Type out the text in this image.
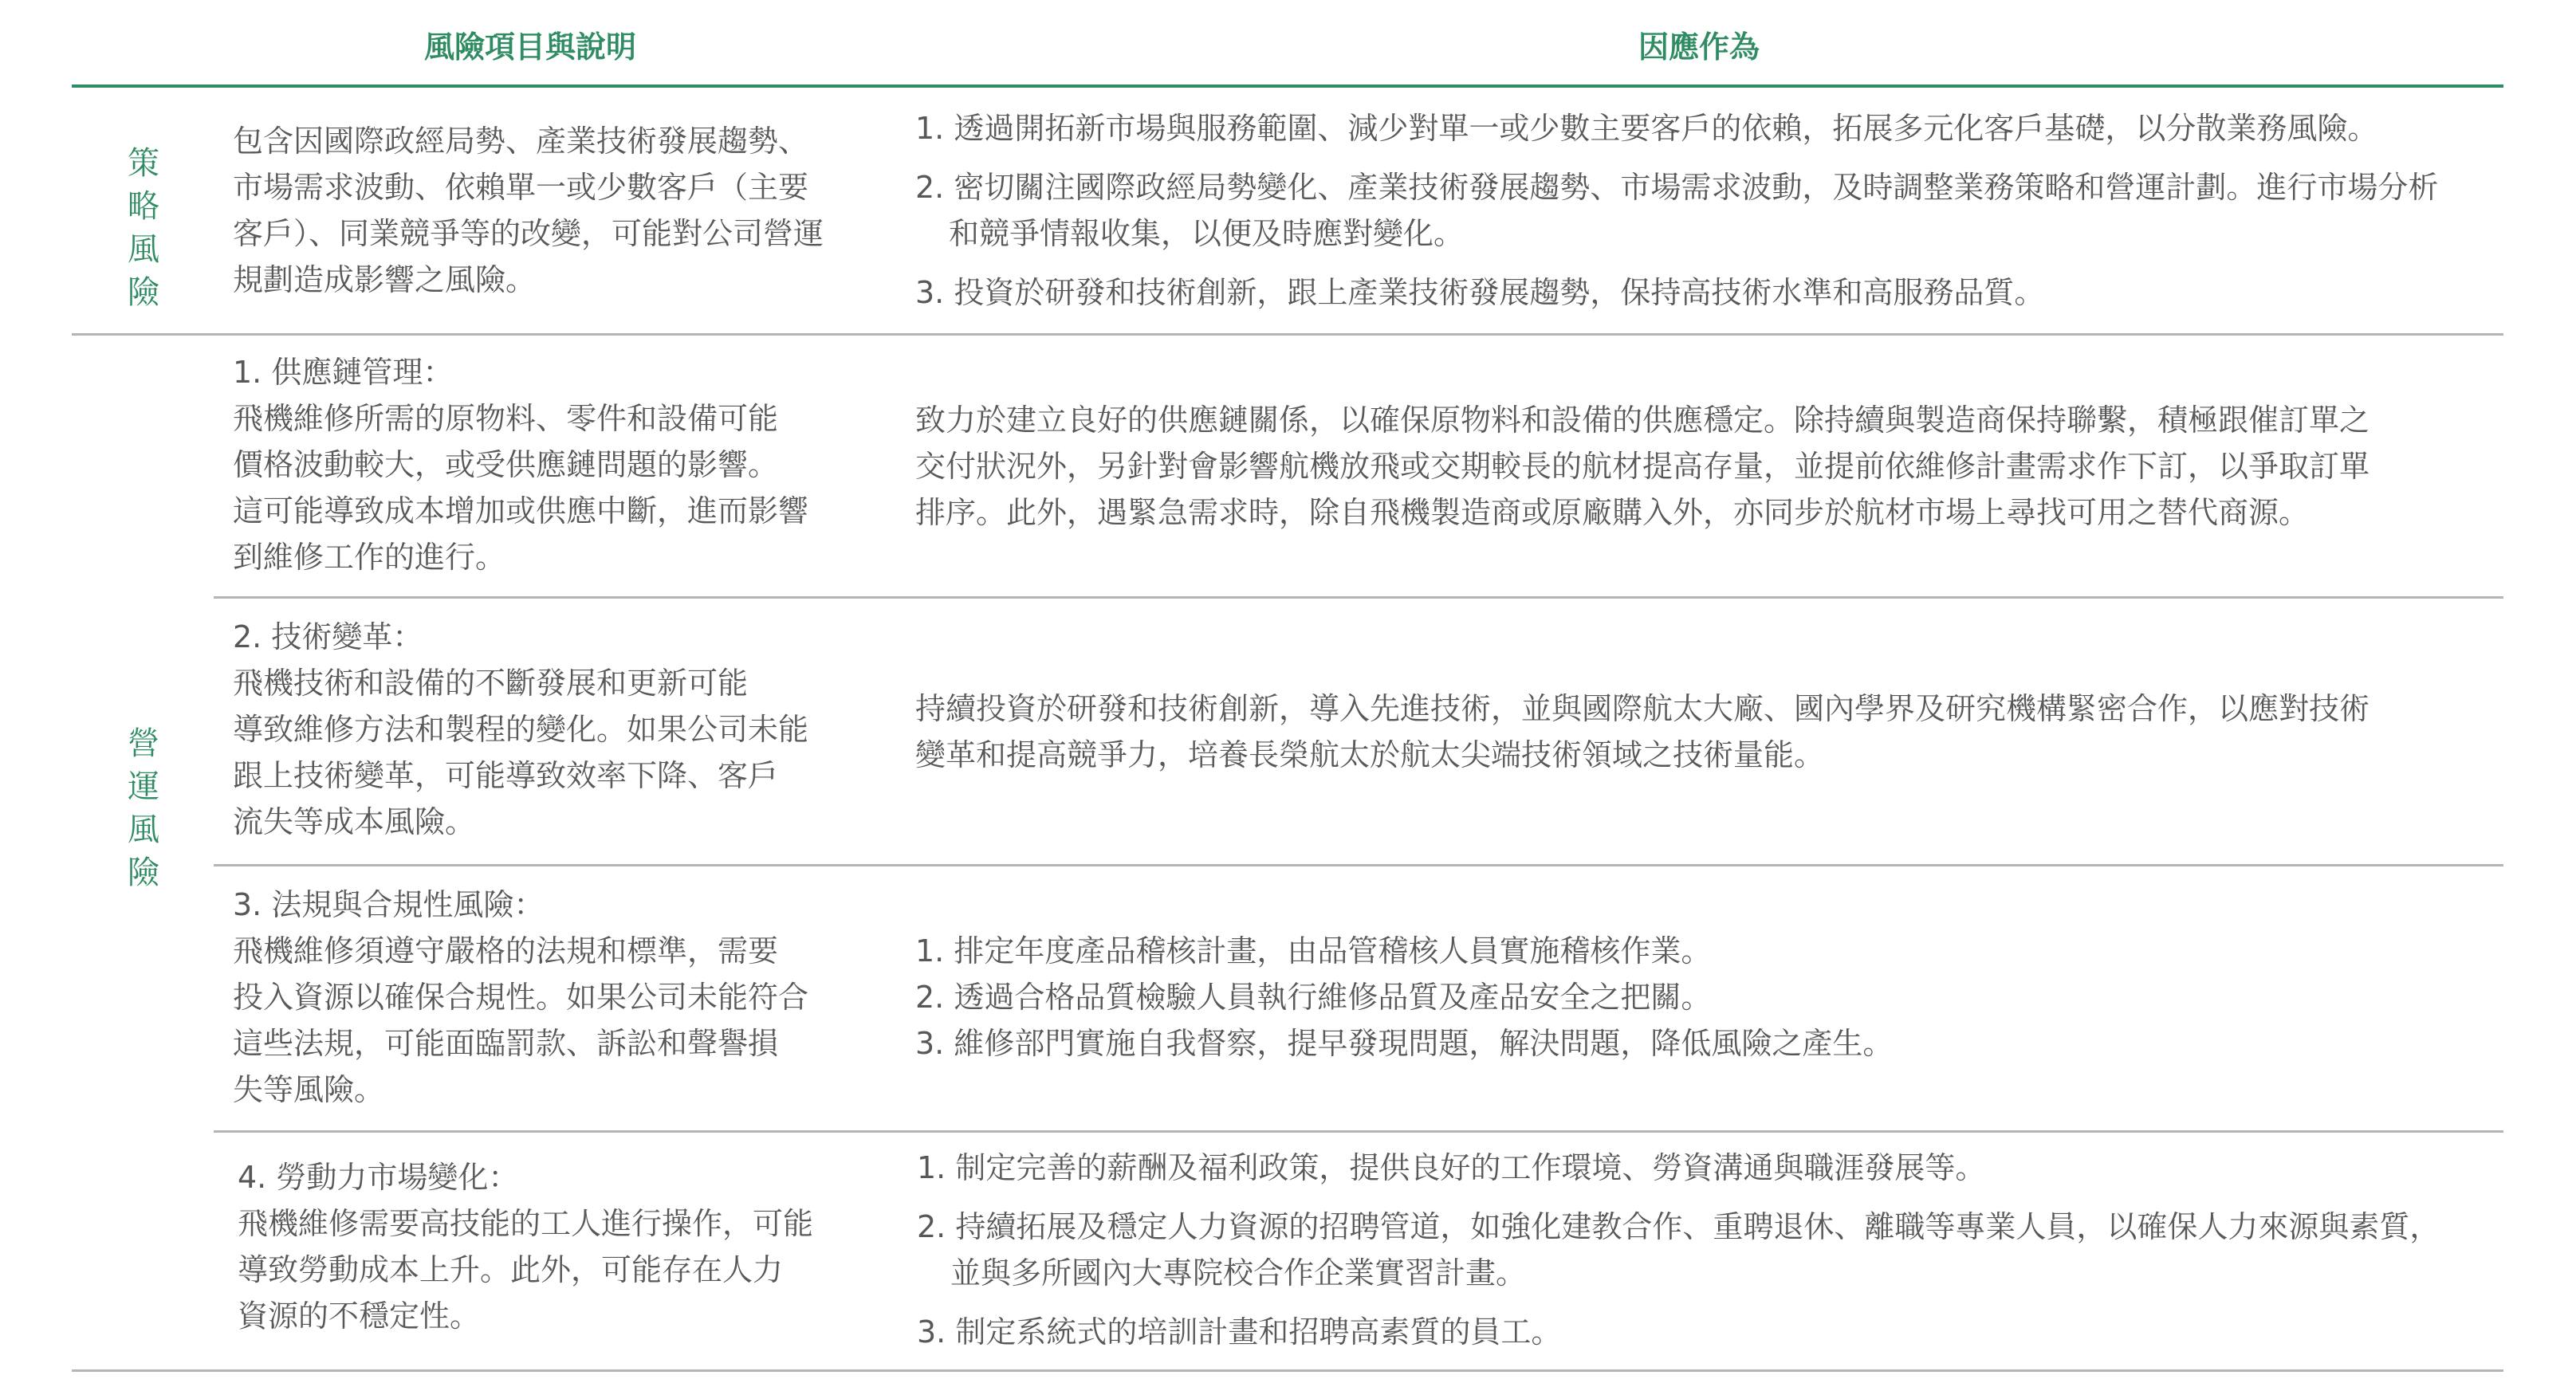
風險項目與說明	因應作為
策
略
風
險
包含因國際政經局勢、產業技術發展趨勢、
市場需求波動、依賴單一或少數客戶（主要
客戶）、同業競爭等的改變，可能對公司營運
規劃造成影響之風險。
1. 透過開拓新市場與服務範圍、減少對單一或少數主要客戶的依賴，拓展多元化客戶基礎，以分散業務風險。
2. 密切關注國際政經局勢變化、產業技術發展趨勢、市場需求波動，及時調整業務策略和營運計劃。進行市場分析
和競爭情報收集，以便及時應對變化。
3. 投資於研發和技術創新，跟上產業技術發展趨勢，保持高技術水準和高服務品質。
營
運
風
險
1. 供應鏈管理：
飛機維修所需的原物料、零件和設備可能
價格波動較大，或受供應鏈問題的影響。
這可能導致成本增加或供應中斷，進而影響
到維修工作的進行。
致力於建立良好的供應鏈關係，以確保原物料和設備的供應穩定。除持續與製造商保持聯繫，積極跟催訂單之
交付狀況外，另針對會影響航機放飛或交期較長的航材提高存量，並提前依維修計畫需求作下訂，以爭取訂單
排序。此外，遇緊急需求時，除自飛機製造商或原廠購入外，亦同步於航材市場上尋找可用之替代商源。
2. 技術變革：
飛機技術和設備的不斷發展和更新可能
導致維修方法和製程的變化。如果公司未能
跟上技術變革，可能導致效率下降、客戶
流失等成本風險。
持續投資於研發和技術創新，導入先進技術，並與國際航太大廠、國內學界及研究機構緊密合作，以應對技術
變革和提高競爭力，培養長榮航太於航太尖端技術領域之技術量能。
3. 法規與合規性風險：
飛機維修須遵守嚴格的法規和標準，需要
投入資源以確保合規性。如果公司未能符合
這些法規，可能面臨罰款、訴訟和聲譽損
失等風險。
1. 排定年度產品稽核計畫，由品管稽核人員實施稽核作業。
2. 透過合格品質檢驗人員執行維修品質及產品安全之把關。
3. 維修部門實施自我督察，提早發現問題，解決問題，降低風險之產生。
4. 勞動力市場變化：
飛機維修需要高技能的工人進行操作，可能
導致勞動成本上升。此外，可能存在人力
資源的不穩定性。
1. 制定完善的薪酬及福利政策，提供良好的工作環境、勞資溝通與職涯發展等。
2. 持續拓展及穩定人力資源的招聘管道，如強化建教合作、重聘退休、離職等專業人員，以確保人力來源與素質，
並與多所國內大專院校合作企業實習計畫。
3. 制定系統式的培訓計畫和招聘高素質的員工。
